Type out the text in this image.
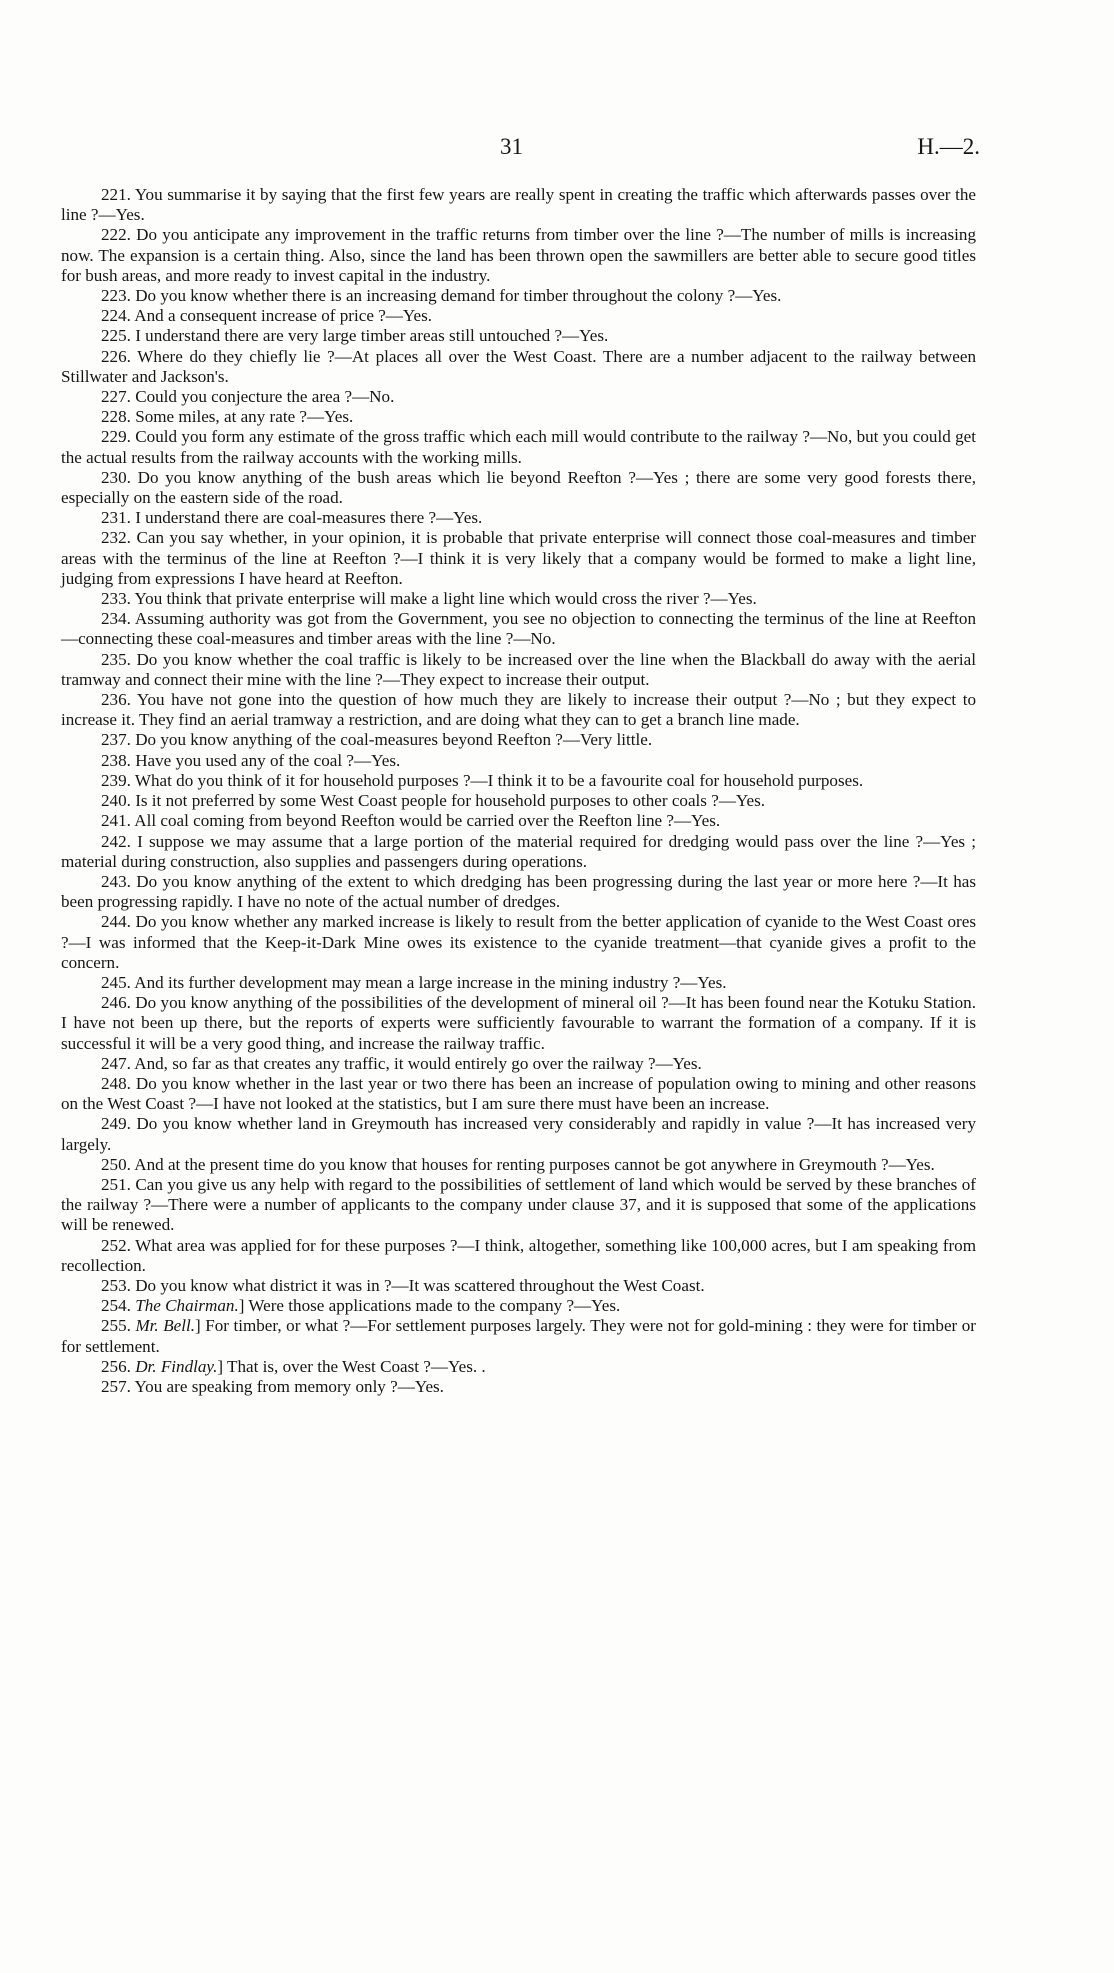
31	H.—2.

221. You summarise it by saying that the first few years are really spent in creating the traffic which afterwards passes over the line ?—Yes.

222. Do you anticipate any improvement in the traffic returns from timber over the line ?—The number of mills is increasing now. The expansion is a certain thing. Also, since the land has been thrown open the sawmillers are better able to secure good titles for bush areas, and more ready to invest capital in the industry.

223. Do you know whether there is an increasing demand for timber throughout the colony ?—Yes.

224. And a consequent increase of price ?—Yes.

225. I understand there are very large timber areas still untouched ?—Yes.

226. Where do they chiefly lie ?—At places all over the West Coast. There are a number adjacent to the railway between Stillwater and Jackson's.

227. Could you conjecture the area ?—No.

228. Some miles, at any rate ?—Yes.

229. Could you form any estimate of the gross traffic which each mill would contribute to the railway ?—No, but you could get the actual results from the railway accounts with the working mills.

230. Do you know anything of the bush areas which lie beyond Reefton ?—Yes ; there are some very good forests there, especially on the eastern side of the road.

231. I understand there are coal-measures there ?—Yes.

232. Can you say whether, in your opinion, it is probable that private enterprise will connect those coal-measures and timber areas with the terminus of the line at Reefton ?—I think it is very likely that a company would be formed to make a light line, judging from expressions I have heard at Reefton.

233. You think that private enterprise will make a light line which would cross the river ?—Yes.

234. Assuming authority was got from the Government, you see no objection to connecting the terminus of the line at Reefton—connecting these coal-measures and timber areas with the line ?—No.

235. Do you know whether the coal traffic is likely to be increased over the line when the Blackball do away with the aerial tramway and connect their mine with the line ?—They expect to increase their output.

236. You have not gone into the question of how much they are likely to increase their output ?—No ; but they expect to increase it. They find an aerial tramway a restriction, and are doing what they can to get a branch line made.

237. Do you know anything of the coal-measures beyond Reefton ?—Very little.

238. Have you used any of the coal ?—Yes.

239. What do you think of it for household purposes ?—I think it to be a favourite coal for household purposes.

240. Is it not preferred by some West Coast people for household purposes to other coals ?—Yes.

241. All coal coming from beyond Reefton would be carried over the Reefton line ?—Yes.

242. I suppose we may assume that a large portion of the material required for dredging would pass over the line ?—Yes ; material during construction, also supplies and passengers during operations.

243. Do you know anything of the extent to which dredging has been progressing during the last year or more here ?—It has been progressing rapidly. I have no note of the actual number of dredges.

244. Do you know whether any marked increase is likely to result from the better application of cyanide to the West Coast ores ?—I was informed that the Keep-it-Dark Mine owes its existence to the cyanide treatment—that cyanide gives a profit to the concern.

245. And its further development may mean a large increase in the mining industry ?—Yes.

246. Do you know anything of the possibilities of the development of mineral oil ?—It has been found near the Kotuku Station. I have not been up there, but the reports of experts were sufficiently favourable to warrant the formation of a company. If it is successful it will be a very good thing, and increase the railway traffic.

247. And, so far as that creates any traffic, it would entirely go over the railway ?—Yes.

248. Do you know whether in the last year or two there has been an increase of population owing to mining and other reasons on the West Coast ?—I have not looked at the statistics, but I am sure there must have been an increase.

249. Do you know whether land in Greymouth has increased very considerably and rapidly in value ?—It has increased very largely.

250. And at the present time do you know that houses for renting purposes cannot be got anywhere in Greymouth ?—Yes.

251. Can you give us any help with regard to the possibilities of settlement of land which would be served by these branches of the railway ?—There were a number of applicants to the company under clause 37, and it is supposed that some of the applications will be renewed.

252. What area was applied for for these purposes ?—I think, altogether, something like 100,000 acres, but I am speaking from recollection.

253. Do you know what district it was in ?—It was scattered throughout the West Coast.

254. The Chairman.] Were those applications made to the company ?—Yes.

255. Mr. Bell.] For timber, or what ?—For settlement purposes largely. They were not for gold-mining : they were for timber or for settlement.

256. Dr. Findlay.] That is, over the West Coast ?—Yes. .

257. You are speaking from memory only ?—Yes.
